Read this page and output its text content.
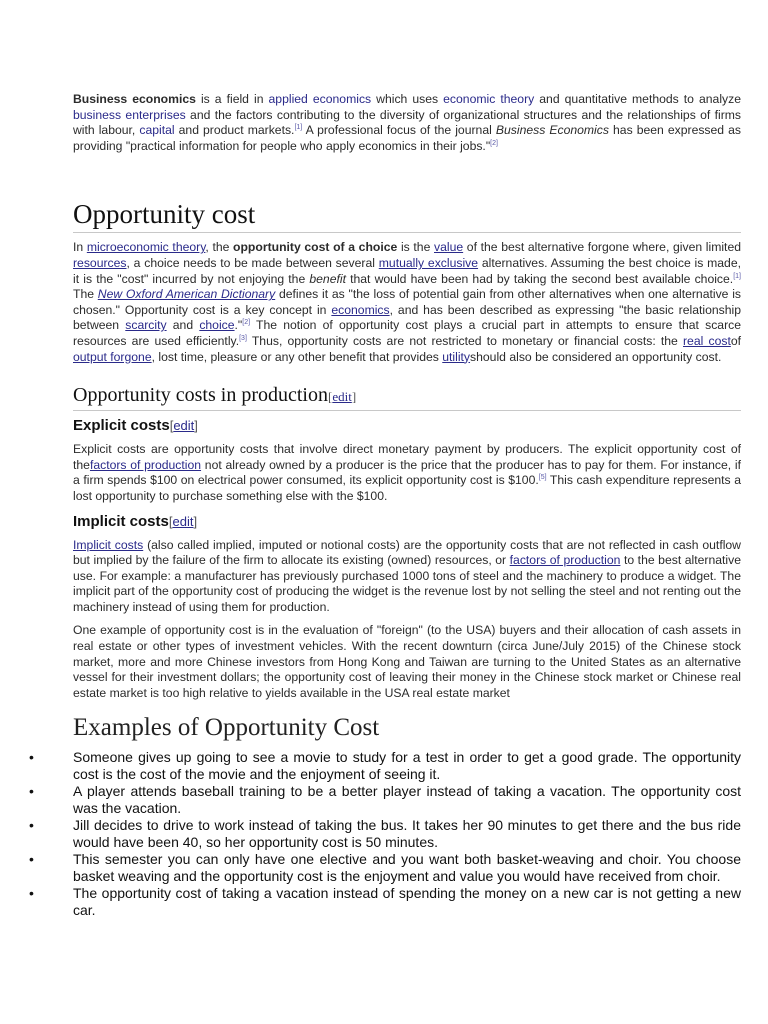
Business economics is a field in applied economics which uses economic theory and quantitative methods to analyze business enterprises and the factors contributing to the diversity of organizational structures and the relationships of firms with labour, capital and product markets.[1] A professional focus of the journal Business Economics has been expressed as providing "practical information for people who apply economics in their jobs."[2]

Opportunity cost

In microeconomic theory, the opportunity cost of a choice is the value of the best alternative forgone where, given limited resources, a choice needs to be made between several mutually exclusive alternatives. Assuming the best choice is made, it is the "cost" incurred by not enjoying the benefit that would have been had by taking the second best available choice.[1] The New Oxford American Dictionary defines it as "the loss of potential gain from other alternatives when one alternative is chosen." Opportunity cost is a key concept in economics, and has been described as expressing "the basic relationship between scarcity and choice."[2] The notion of opportunity cost plays a crucial part in attempts to ensure that scarce resources are used efficiently.[3] Thus, opportunity costs are not restricted to monetary or financial costs: the real costof output forgone, lost time, pleasure or any other benefit that provides utilityshould also be considered an opportunity cost.

Opportunity costs in production[edit]
Explicit costs[edit]

Explicit costs are opportunity costs that involve direct monetary payment by producers. The explicit opportunity cost of thefactors of production not already owned by a producer is the price that the producer has to pay for them. For instance, if a firm spends $100 on electrical power consumed, its explicit opportunity cost is $100.[5] This cash expenditure represents a lost opportunity to purchase something else with the $100.

Implicit costs[edit]

Implicit costs (also called implied, imputed or notional costs) are the opportunity costs that are not reflected in cash outflow but implied by the failure of the firm to allocate its existing (owned) resources, or factors of production to the best alternative use. For example: a manufacturer has previously purchased 1000 tons of steel and the machinery to produce a widget. The implicit part of the opportunity cost of producing the widget is the revenue lost by not selling the steel and not renting out the machinery instead of using them for production.

One example of opportunity cost is in the evaluation of "foreign" (to the USA) buyers and their allocation of cash assets in real estate or other types of investment vehicles. With the recent downturn (circa June/July 2015) of the Chinese stock market, more and more Chinese investors from Hong Kong and Taiwan are turning to the United States as an alternative vessel for their investment dollars; the opportunity cost of leaving their money in the Chinese stock market or Chinese real estate market is too high relative to yields available in the USA real estate market

Examples of Opportunity Cost
•	Someone gives up going to see a movie to study for a test in order to get a good grade. The opportunity cost is the cost of the movie and the enjoyment of seeing it.
•	A player attends baseball training to be a better player instead of taking a vacation. The opportunity cost was the vacation.
•	Jill decides to drive to work instead of taking the bus. It takes her 90 minutes to get there and the bus ride would have been 40, so her opportunity cost is 50 minutes.
•	This semester you can only have one elective and you want both basket-weaving and choir. You choose basket weaving and the opportunity cost is the enjoyment and value you would have received from choir.
•	The opportunity cost of taking a vacation instead of spending the money on a new car is not getting a new car.
